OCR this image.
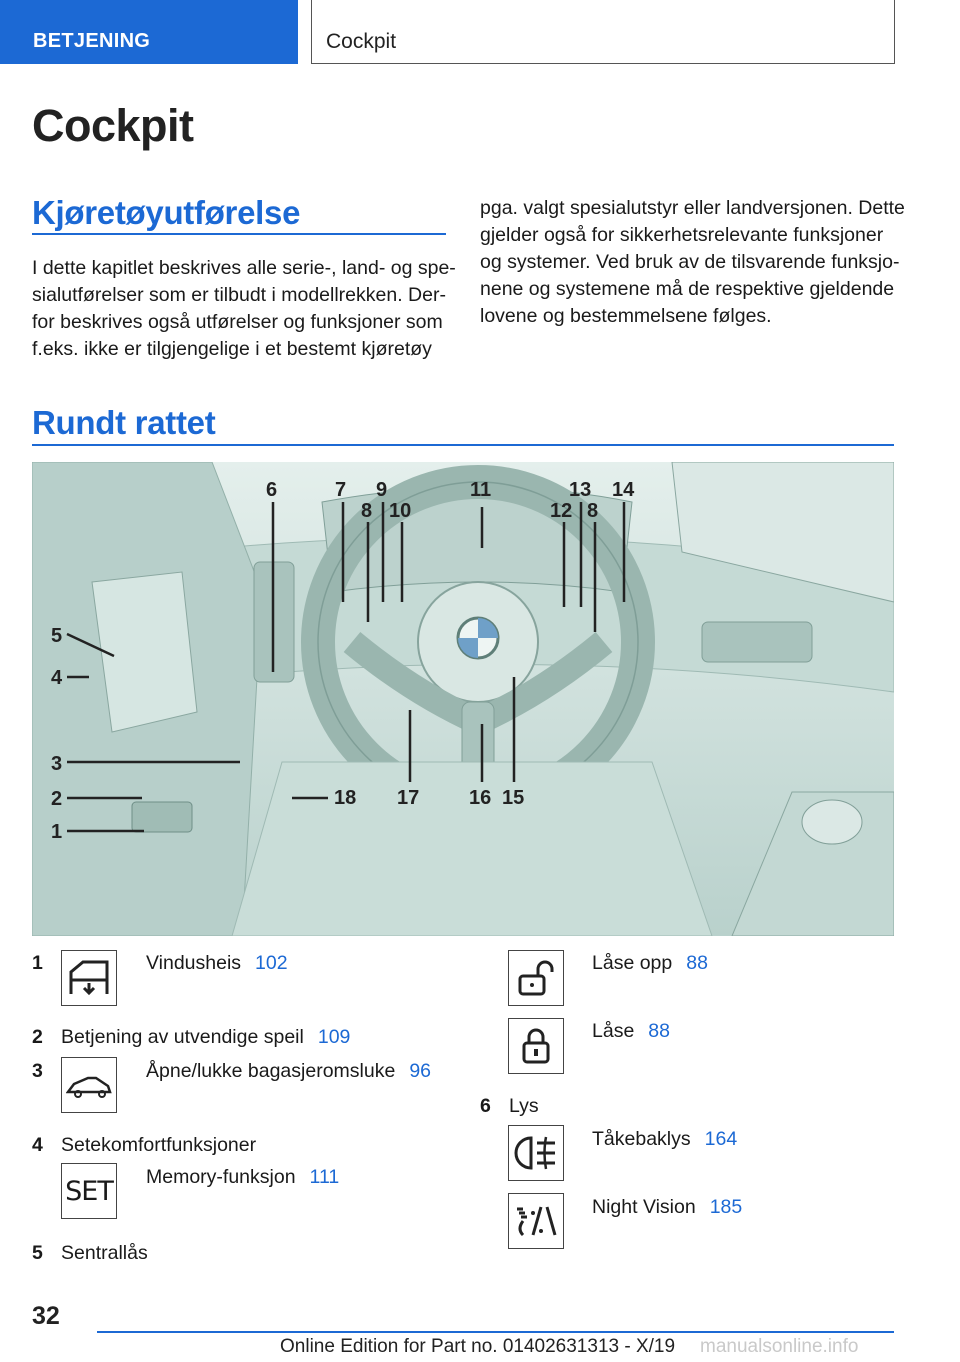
BETJENING	Cockpit
Cockpit
Kjøretøyutførelse
I dette kapitlet beskrives alle serie-, land- og spe-
sialutførelser som er tilbudt i modellrekken. Der-
for beskrives også utførelser og funksjoner som
f.eks. ikke er tilgjengelige i et bestemt kjøretøy
pga. valgt spesialutstyr eller landversjonen. Dette
gjelder også for sikkerhetsrelevante funksjoner
og systemer. Ved bruk av de tilsvarende funksjo-
nene og systemene må de respektive gjeldende
lovene og bestemmelsene følges.
Rundt rattet
5
4
3
2
1
6	7
8
9
10
11
12
13
8
14
15
16
17
18
1	Vindusheis 102
2 Betjening av utvendige speil 109
3	Åpne/lukke bagasjeromsluke 96
4 Setekomfortfunksjoner
SET Memory-funksjon 111
5 Sentrallås
Låse opp 88
Låse 88
6 Lys
Tåkebaklys 164
Night Vision 185
32
Online Edition for Part no. 01402631313 - X/19 manualsonline.info
